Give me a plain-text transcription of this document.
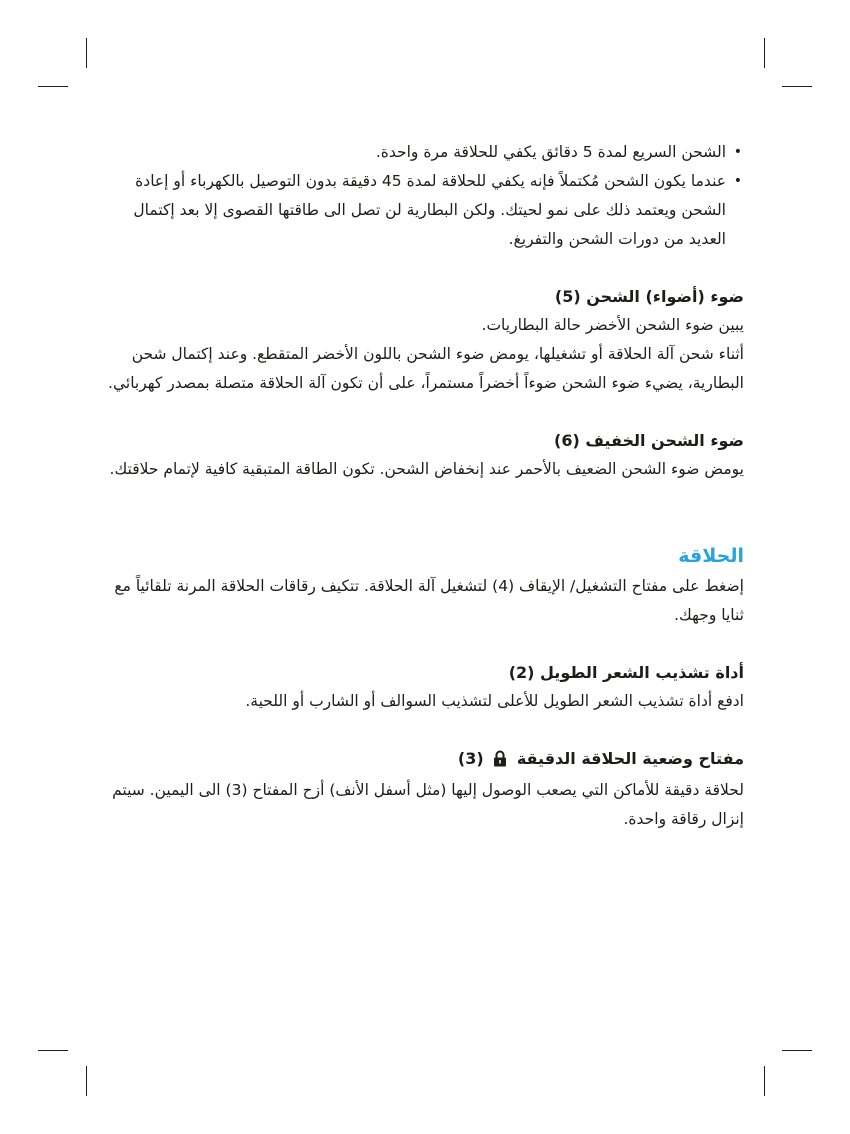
• الشحن السريع لمدة 5 دقائق يكفي للحلاقة مرة واحدة.
• عندما يكون الشحن مُكتملاً فإنه يكفي للحلاقة لمدة 45 دقيقة بدون التوصيل بالكهرباء أو إعادة الشحن ويعتمد ذلك على نمو لحيتك. ولكن البطارية لن تصل الى طاقتها القصوى إلا بعد إكتمال العديد من دورات الشحن والتفريغ.
ضوء (أضواء) الشحن (5)

يبين ضوء الشحن الأخضر حالة البطاريات.

أثناء شحن آلة الحلاقة أو تشغيلها، يومض ضوء الشحن باللون الأخضر المتقطع. وعند إكتمال شحن البطارية، يضيء ضوء الشحن ضوءاً أخضراً مستمراً، على أن تكون آلة الحلاقة متصلة بمصدر كهربائي.

ضوء الشحن الخفيف (6)

يومض ضوء الشحن الضعيف بالأحمر عند إنخفاض الشحن. تكون الطاقة المتبقية كافية لإتمام حلاقتك.

الحلاقة

إضغط على مفتاح التشغيل/ الإيقاف (4) لتشغيل آلة الحلاقة. تتكيف رقاقات الحلاقة المرنة تلقائياً مع ثنايا وجهك.

أداة تشذيب الشعر الطويل (2)

ادفع أداة تشذيب الشعر الطويل للأعلى لتشذيب السوالف أو الشارب أو اللحية.

مفتاح وضعية الحلاقة الدقيقة  (3)

لحلاقة دقيقة للأماكن التي يصعب الوصول إليها (مثل أسفل الأنف) أزح المفتاح (3) الى اليمين. سيتم إنزال رقاقة واحدة.
